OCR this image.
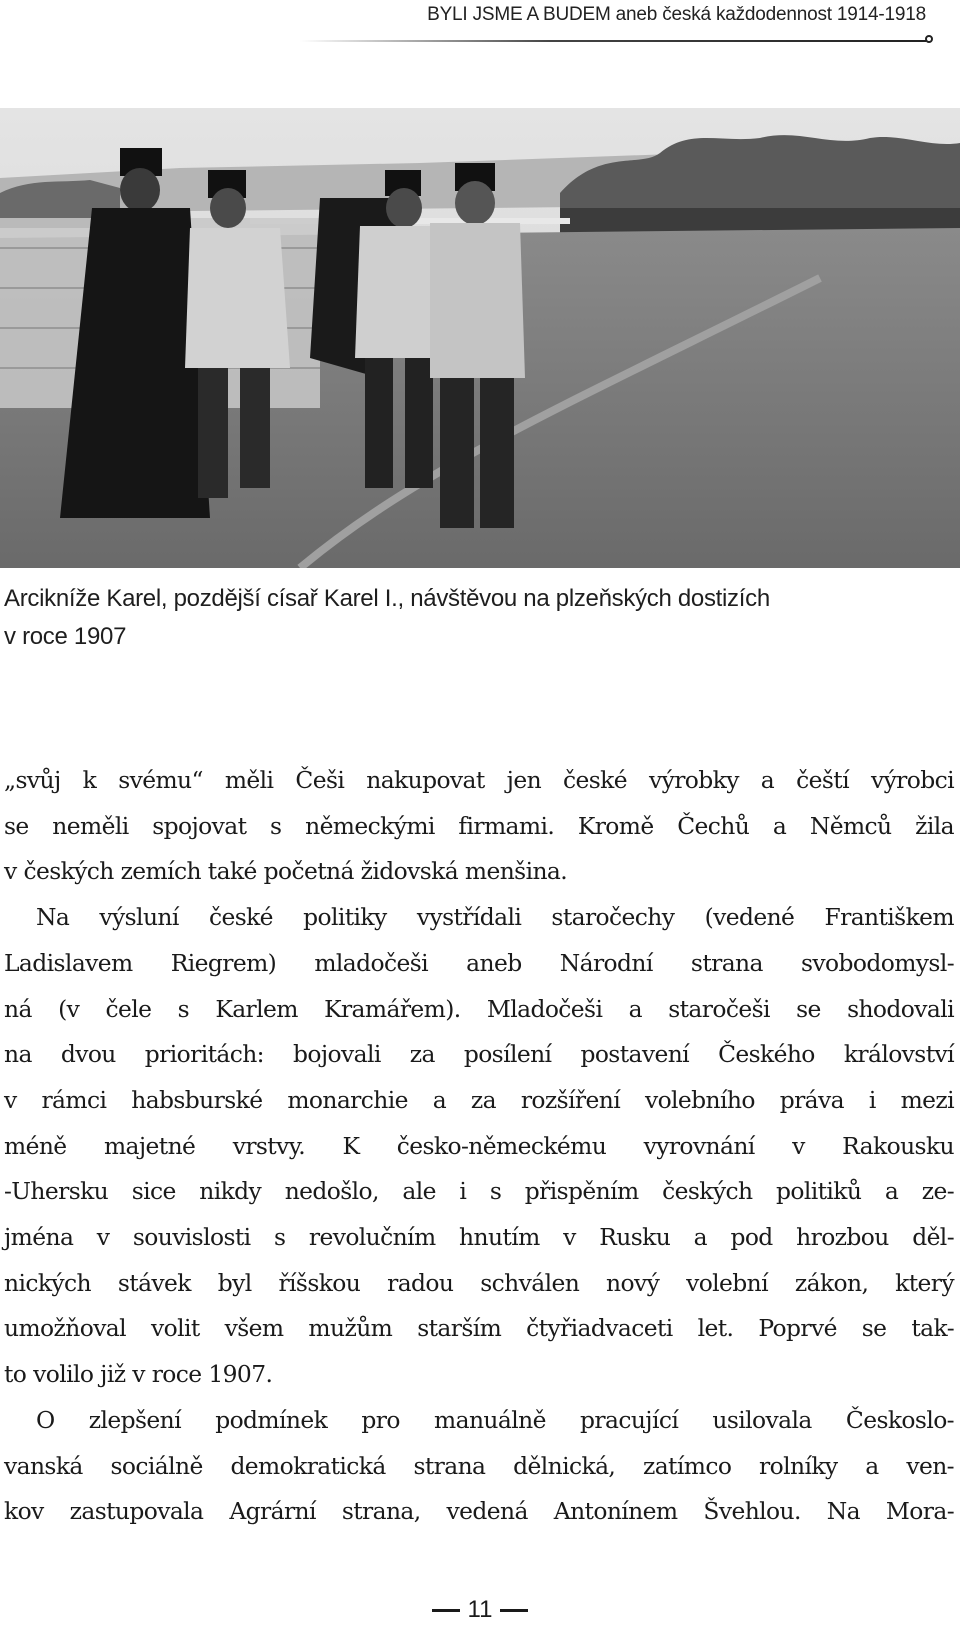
BYLI JSME A BUDEM aneb česká každodennost 1914-1918
Arcikníže Karel, pozdější císař Karel I., návštěvou na plzeňských dostizích
v roce 1907
„svůj k svému“ měli Češi nakupovat jen české výrobky a čeští výrobci
se neměli spojovat s německými firmami. Kromě Čechů a Němců žila
v českých zemích také početná židovská menšina.
Na výsluní české politiky vystřídali staročechy (vedené Františkem
Ladislavem Riegrem) mladočeši aneb Národní strana svobodomysl-
ná (v čele s Karlem Kramářem). Mladočeši a staročeši se shodovali
na dvou prioritách: bojovali za posílení postavení Českého království
v rámci habsburské monarchie a za rozšíření volebního práva i mezi
méně majetné vrstvy. K česko-německému vyrovnání v Rakousku
-Uhersku sice nikdy nedošlo, ale i s přispěním českých politiků a ze-
jména v souvislosti s revolučním hnutím v Rusku a pod hrozbou děl-
nických stávek byl říšskou radou schválen nový volební zákon, který
umožňoval volit všem mužům starším čtyřiadvaceti let. Poprvé se tak-
to volilo již v roce 1907.
O zlepšení podmínek pro manuálně pracující usilovala Českoslo-
vanská sociálně demokratická strana dělnická, zatímco rolníky a ven-
kov zastupovala Agrární strana, vedená Antonínem Švehlou. Na Mora-
11
